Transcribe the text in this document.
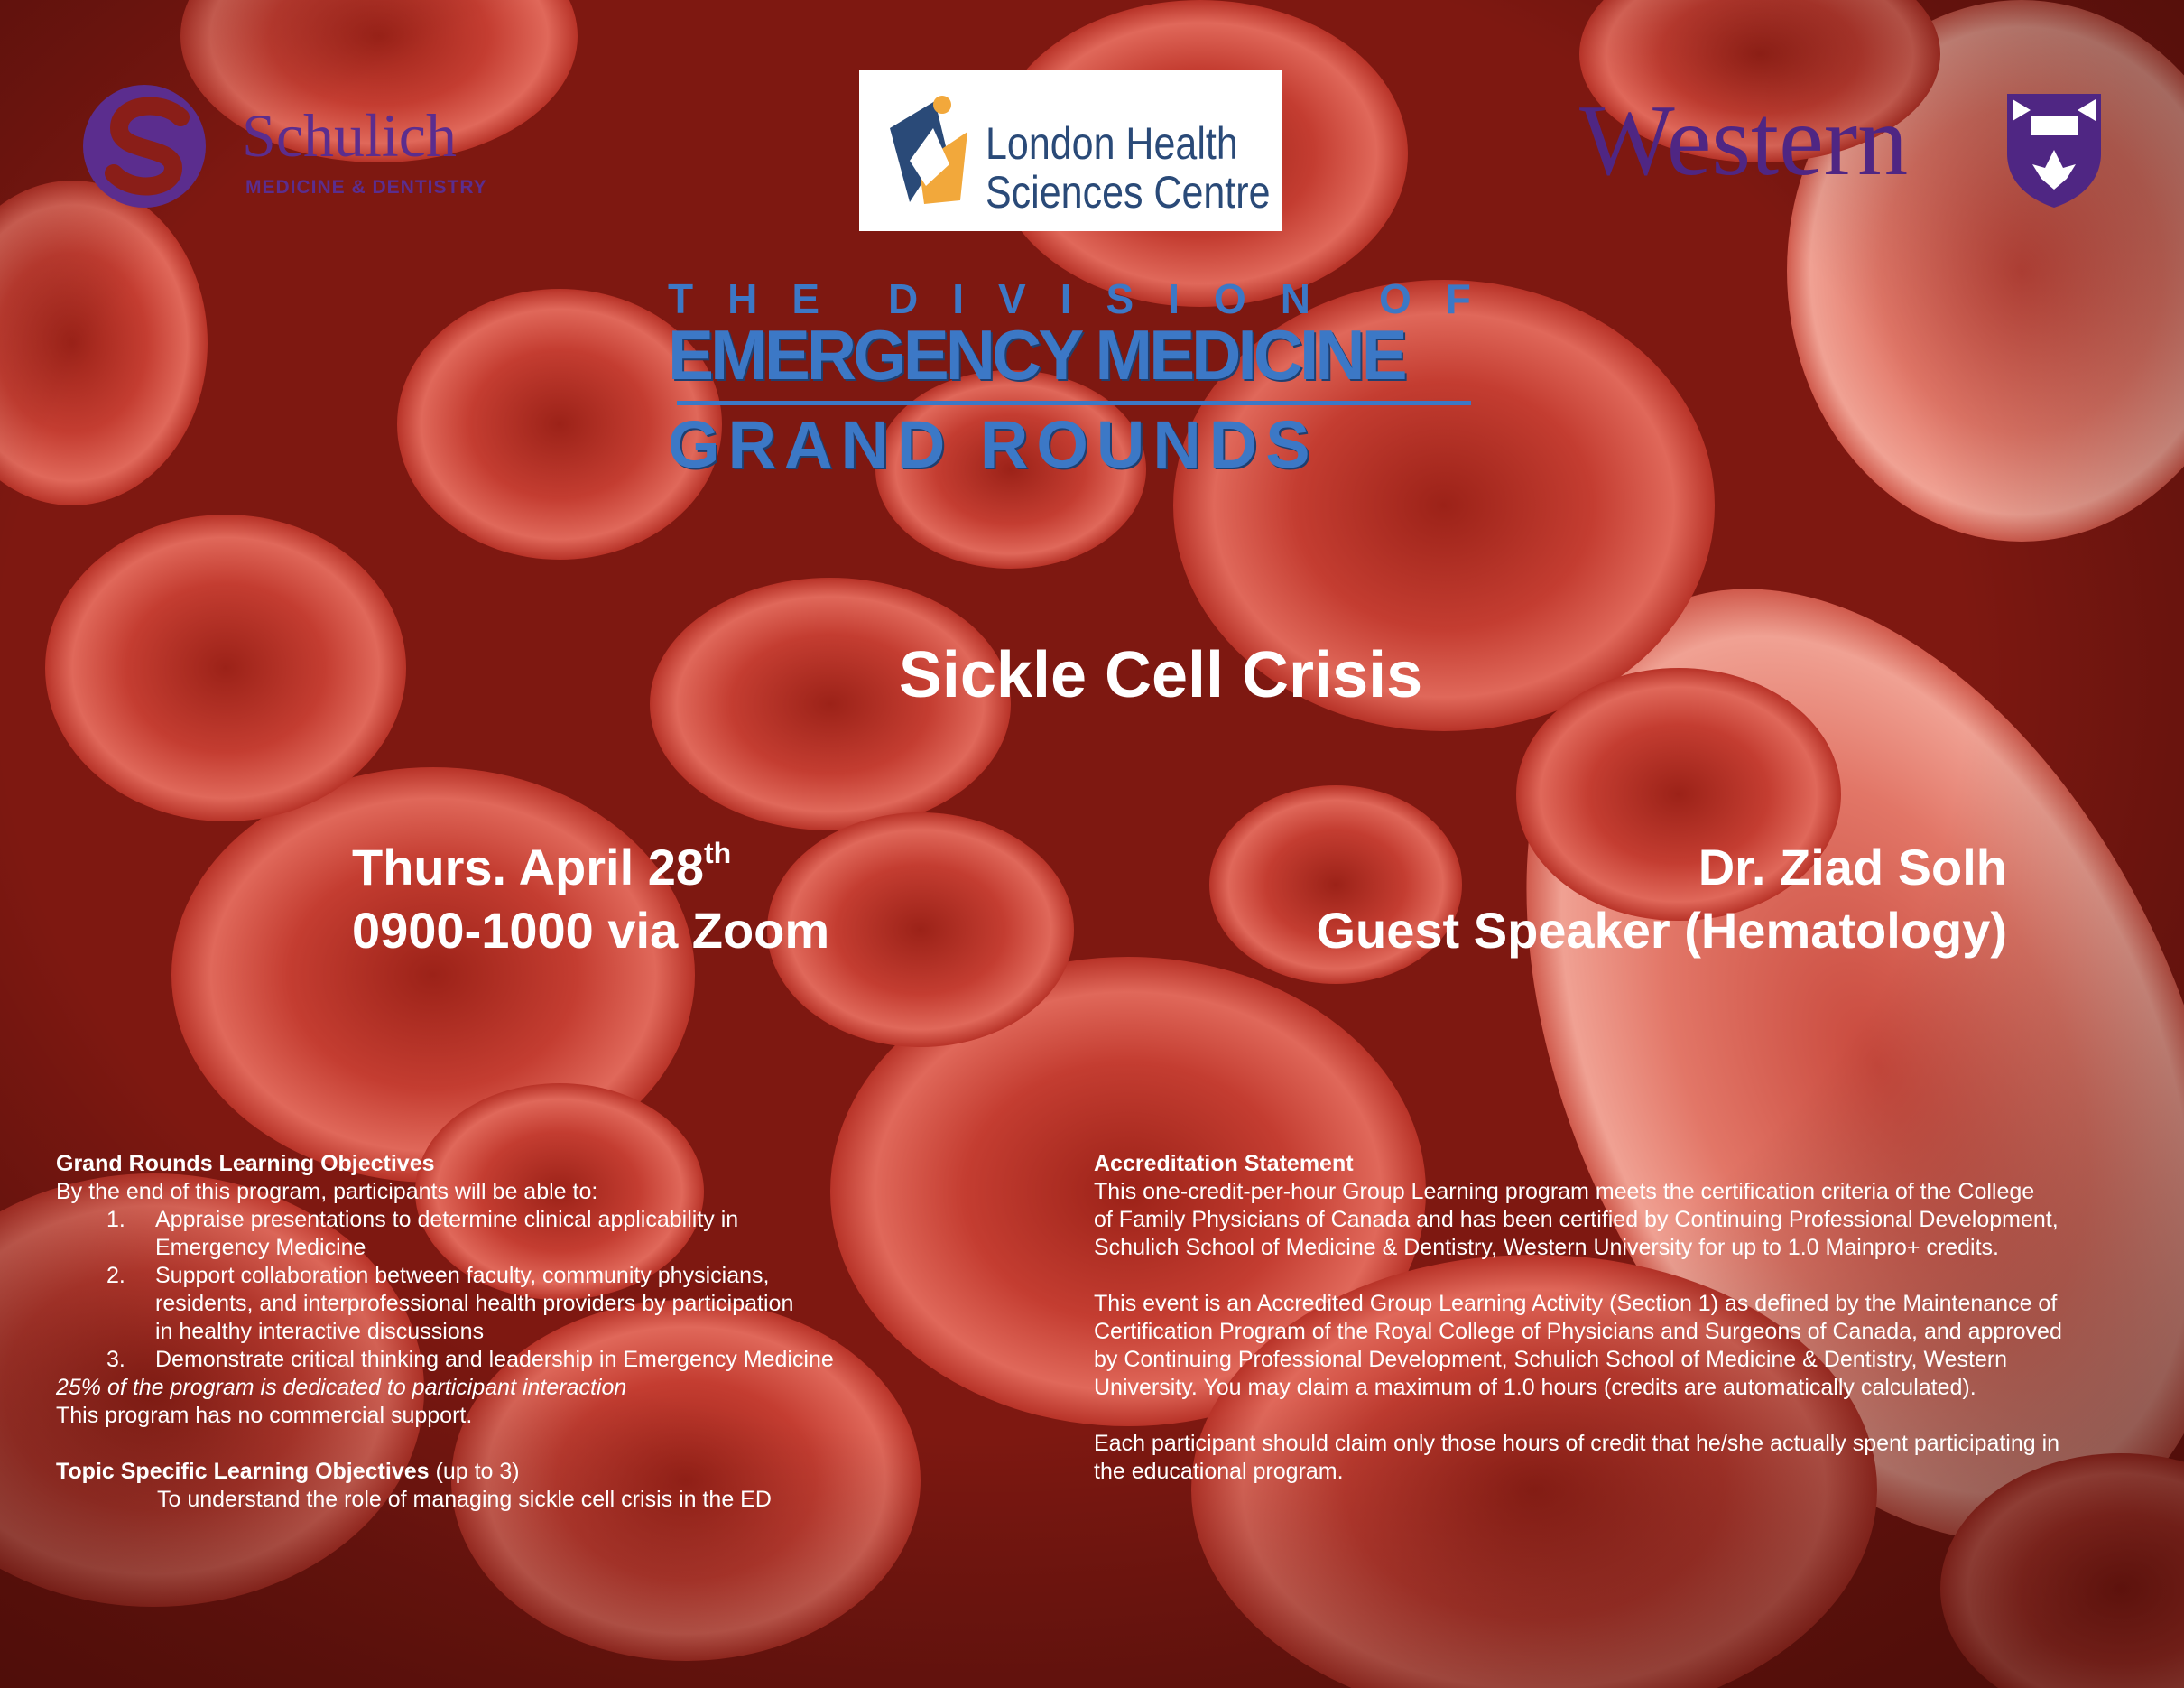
Schulich
MEDICINE & DENTISTRY
London Health
Sciences Centre	Western
T H E D I V I S I O N O F
EMERGENCY MEDICINE
GRAND ROUNDS
Sickle Cell Crisis
Thurs. April 28th
0900-1000 via Zoom
Dr. Ziad Solh
Guest Speaker (Hematology)
Grand Rounds Learning Objectives

By the end of this program, participants will be able to:

1. Appraise presentations to determine clinical applicability in
Emergency Medicine
2. Support collaboration between faculty, community physicians,
residents, and interprofessional health providers by participation
in healthy interactive discussions
3. Demonstrate critical thinking and leadership in Emergency Medicine

25% of the program is dedicated to participant interaction

This program has no commercial support.

Topic Specific Learning Objectives (up to 3)

To understand the role of managing sickle cell crisis in the ED

Accreditation Statement
This one-credit-per-hour Group Learning program meets the certification criteria of the College
of Family Physicians of Canada and has been certified by Continuing Professional Development,
Schulich School of Medicine & Dentistry, Western University for up to 1.0 Mainpro+ credits.
This event is an Accredited Group Learning Activity (Section 1) as defined by the Maintenance of
Certification Program of the Royal College of Physicians and Surgeons of Canada, and approved
by Continuing Professional Development, Schulich School of Medicine & Dentistry, Western
University. You may claim a maximum of 1.0 hours (credits are automatically calculated).
Each participant should claim only those hours of credit that he/she actually spent participating in
the educational program.
